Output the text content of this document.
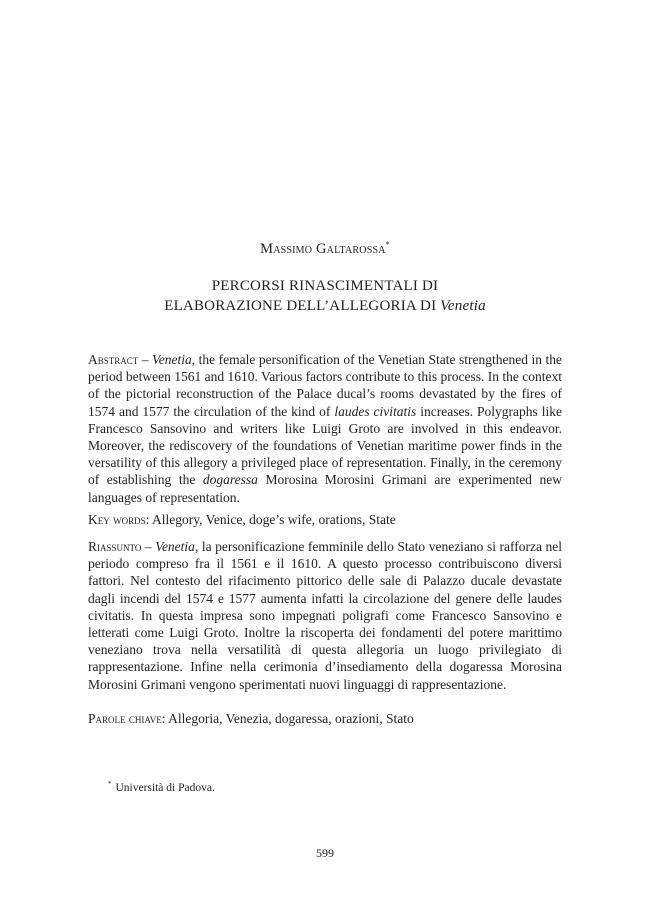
Massimo Galtarossa*
PERCORSI RINASCIMENTALI DI
ELABORAZIONE DELL’ALLEGORIA DI Venetia

Abstract – Venetia, the female personification of the Venetian State strengthened in the period between 1561 and 1610. Various factors contribute to this process. In the context of the pictorial reconstruction of the Palace ducal’s rooms devastated by the fires of 1574 and 1577 the circulation of the kind of laudes civitatis increases. Polygraphs like Francesco Sansovino and writers like Luigi Groto are involved in this endeavor. Moreover, the rediscovery of the foundations of Venetian maritime power finds in the versatility of this allegory a privileged place of representation. Finally, in the ceremony of establishing the dogaressa Morosina Morosini Grimani are experimented new languages of representation.

Key words: Allegory, Venice, doge’s wife, orations, State

Riassunto – Venetia, la personificazione femminile dello Stato veneziano si rafforza nel periodo compreso fra il 1561 e il 1610. A questo processo contribuiscono diversi fattori. Nel contesto del rifacimento pittorico delle sale di Palazzo ducale devastate dagli incendi del 1574 e 1577 aumenta infatti la circolazione del genere delle laudes civitatis. In questa impresa sono impegnati poligrafi come Francesco Sansovino e letterati come Luigi Groto. Inoltre la riscoperta dei fondamenti del potere marittimo veneziano trova nella versatilità di questa allegoria un luogo privilegiato di rappresentazione. Infine nella cerimonia d’insediamento della dogaressa Morosina Morosini Grimani vengono sperimentati nuovi linguaggi di rappresentazione.

Parole chiave: Allegoria, Venezia, dogaressa, orazioni, Stato

* Università di Padova.
599
